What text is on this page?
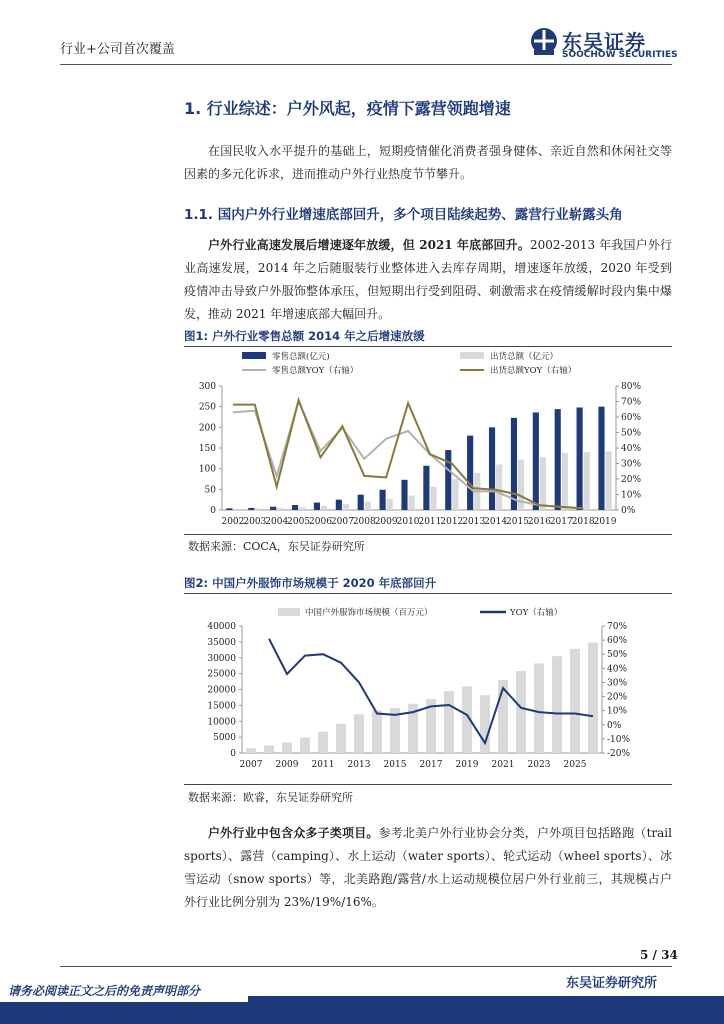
行业+公司首次覆盖	东吴证券
SOOCHOW SECURITIES
1. 行业综述：户外风起，疫情下露营领跑增速
在国民收入水平提升的基础上，短期疫情催化消费者强身健体、亲近自然和休闲社交等因素的多元化诉求，进而推动户外行业热度节节攀升。
1.1. 国内户外行业增速底部回升，多个项目陆续起势、露营行业崭露头角
户外行业高速发展后增速逐年放缓，但 2021 年底部回升。2002-2013 年我国户外行业高速发展，2014 年之后随服装行业整体进入去库存周期，增速逐年放缓，2020 年受到疫情冲击导致户外服饰整体承压，但短期出行受到阻碍、刺激需求在疫情缓解时段内集中爆发，推动 2021 年增速底部大幅回升。
图1: 户外行业零售总额 2014 年之后增速放缓
0
50
100
150
200
250
300
0%
10%
20%
30%
40%
50%
60%
70%
80%
2002
2003
2004
2005
2006
2007
2008
2009
2010
2011
2012
2013
2014
2015
2016
2017
2018
2019
零售总额(亿元)	出货总额（亿元）
零售总额YOY（右轴）	出货总额YOY（右轴）
数据来源：COCA，东吴证券研究所
图2: 中国户外服饰市场规模于 2020 年底部回升
0
5000
10000
15000
20000
25000
30000
35000
40000
-20%
-10%
0%
10%
20%
30%
40%
50%
60%
70%
2007 2009 2011 2013 2015 2017 2019 2021 2023 2025
中国户外服饰市场规模（百万元）	YOY（右轴）
数据来源：欧睿，东吴证券研究所
户外行业中包含众多子类项目。参考北美户外行业协会分类，户外项目包括路跑（trail sports）、露营（camping）、水上运动（water sports）、轮式运动（wheel sports）、冰雪运动（snow sports）等，北美路跑/露营/水上运动规模位居户外行业前三，其规模占户外行业比例分别为 23%/19%/16%。
5 / 34
东吴证券研究所
请务必阅读正文之后的免责声明部分
